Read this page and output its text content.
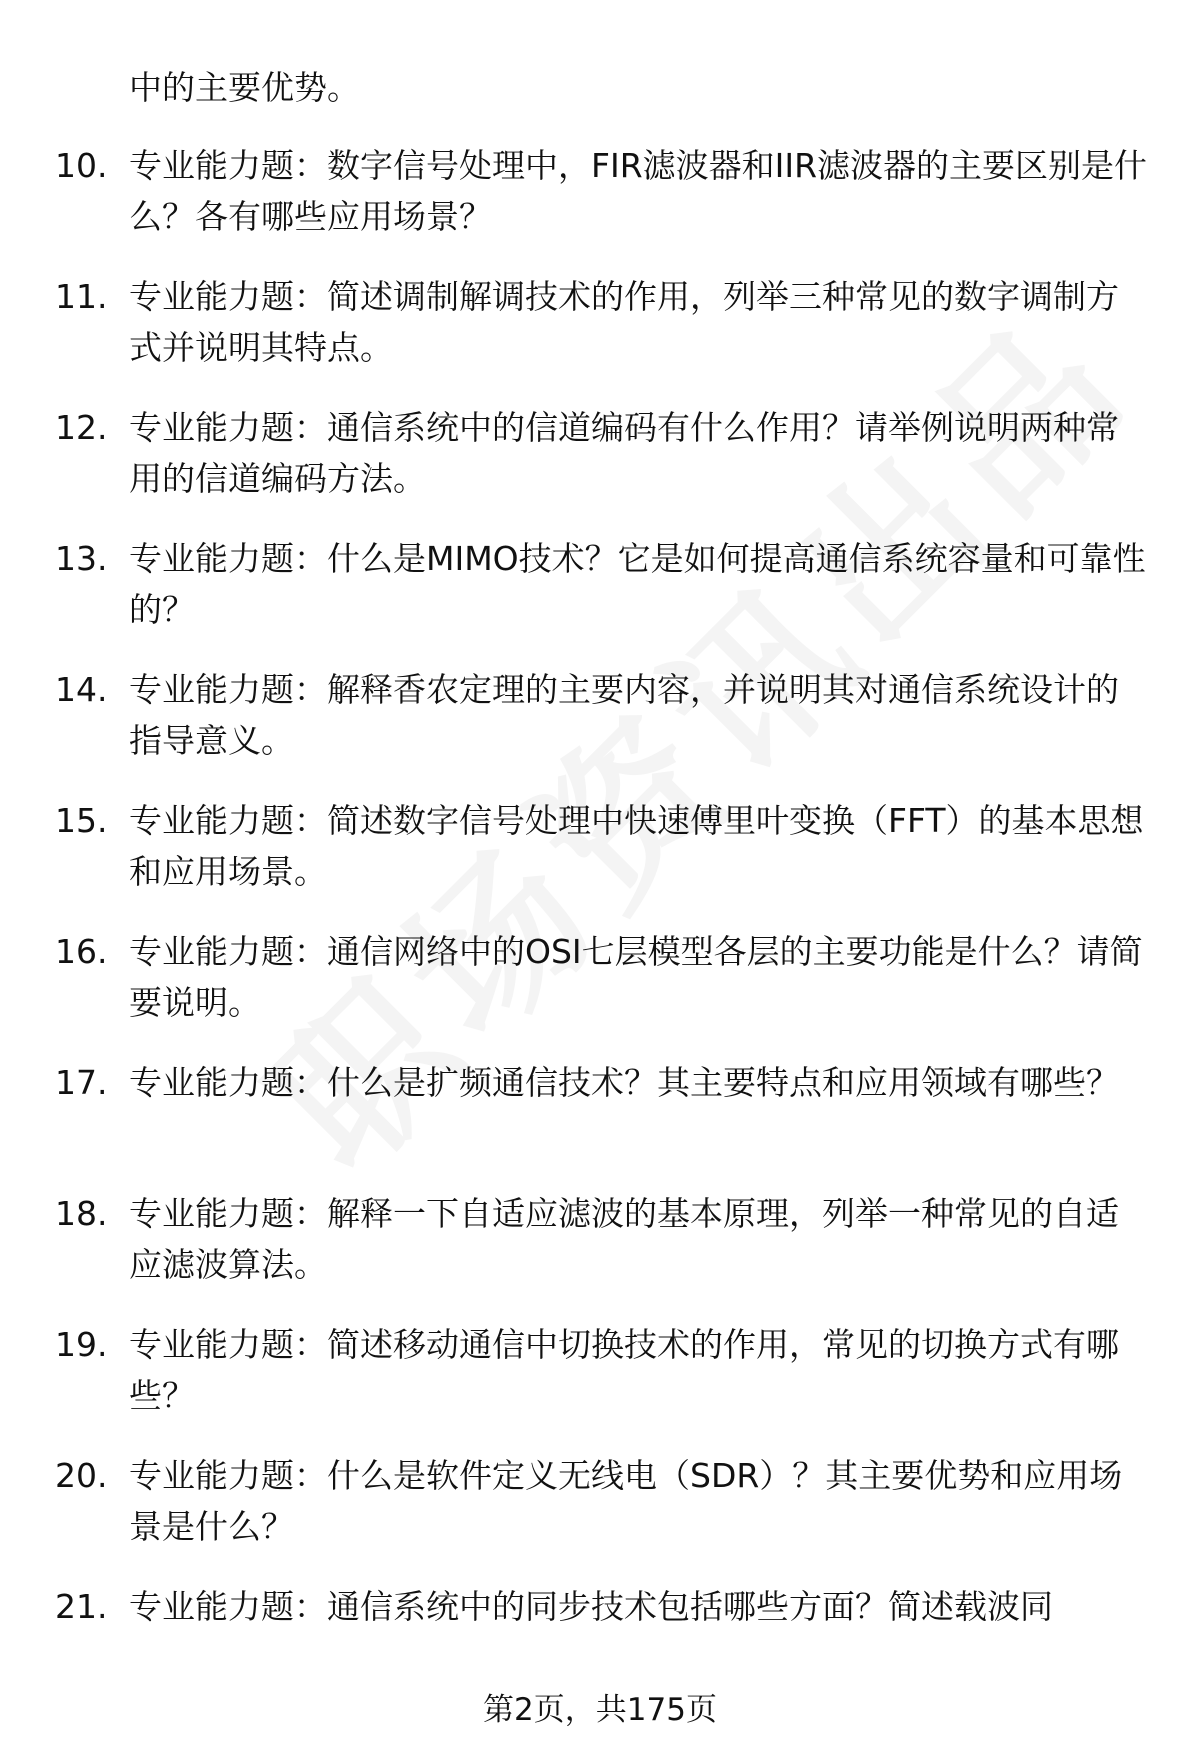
中的主要优势。
10. 专业能力题：数字信号处理中，FIR滤波器和IIR滤波器的主要区别是什么？各有哪些应用场景？
11. 专业能力题：简述调制解调技术的作用，列举三种常见的数字调制方式并说明其特点。
12. 专业能力题：通信系统中的信道编码有什么作用？请举例说明两种常用的信道编码方法。
13. 专业能力题：什么是MIMO技术？它是如何提高通信系统容量和可靠性的？
14. 专业能力题：解释香农定理的主要内容，并说明其对通信系统设计的指导意义。
15. 专业能力题：简述数字信号处理中快速傅里叶变换（FFT）的基本思想和应用场景。
16. 专业能力题：通信网络中的OSI七层模型各层的主要功能是什么？请简要说明。
17. 专业能力题：什么是扩频通信技术？其主要特点和应用领域有哪些？
18. 专业能力题：解释一下自适应滤波的基本原理，列举一种常见的自适应滤波算法。
19. 专业能力题：简述移动通信中切换技术的作用，常见的切换方式有哪些？
20. 专业能力题：什么是软件定义无线电（SDR）？其主要优势和应用场景是什么？
21. 专业能力题：通信系统中的同步技术包括哪些方面？简述载波同
第2页，共175页
